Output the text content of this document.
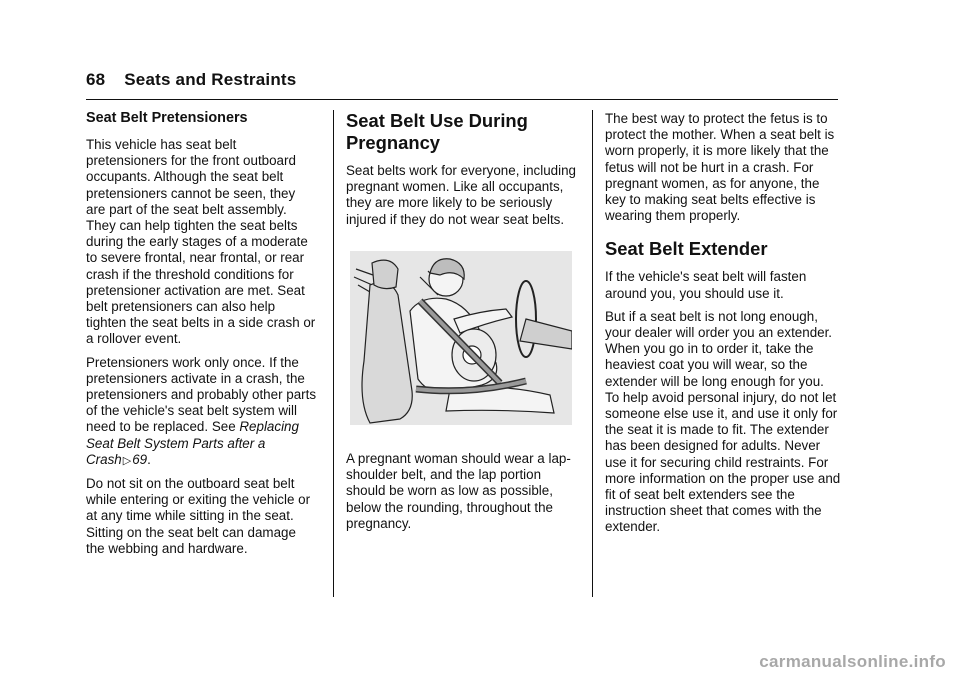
68 Seats and Restraints
Seat Belt Pretensioners

This vehicle has seat belt pretensioners for the front outboard occupants. Although the seat belt pretensioners cannot be seen, they are part of the seat belt assembly. They can help tighten the seat belts during the early stages of a moderate to severe frontal, near frontal, or rear crash if the threshold conditions for pretensioner activation are met. Seat belt pretensioners can also help tighten the seat belts in a side crash or a rollover event.

Pretensioners work only once. If the pretensioners activate in a crash, the pretensioners and probably other parts of the vehicle's seat belt system will need to be replaced. See Replacing Seat Belt System Parts after a Crash▷69.

Do not sit on the outboard seat belt while entering or exiting the vehicle or at any time while sitting in the seat. Sitting on the seat belt can damage the webbing and hardware.

Seat Belt Use During Pregnancy

Seat belts work for everyone, including pregnant women. Like all occupants, they are more likely to be seriously injured if they do not wear seat belts.

A pregnant woman should wear a lap-shoulder belt, and the lap portion should be worn as low as possible, below the rounding, throughout the pregnancy.

The best way to protect the fetus is to protect the mother. When a seat belt is worn properly, it is more likely that the fetus will not be hurt in a crash. For pregnant women, as for anyone, the key to making seat belts effective is wearing them properly.

Seat Belt Extender

If the vehicle's seat belt will fasten around you, you should use it.

But if a seat belt is not long enough, your dealer will order you an extender. When you go in to order it, take the heaviest coat you will wear, so the extender will be long enough for you. To help avoid personal injury, do not let someone else use it, and use it only for the seat it is made to fit. The extender has been designed for adults. Never use it for securing child restraints. For more information on the proper use and fit of seat belt extenders see the instruction sheet that comes with the extender.

carmanualsonline.info
